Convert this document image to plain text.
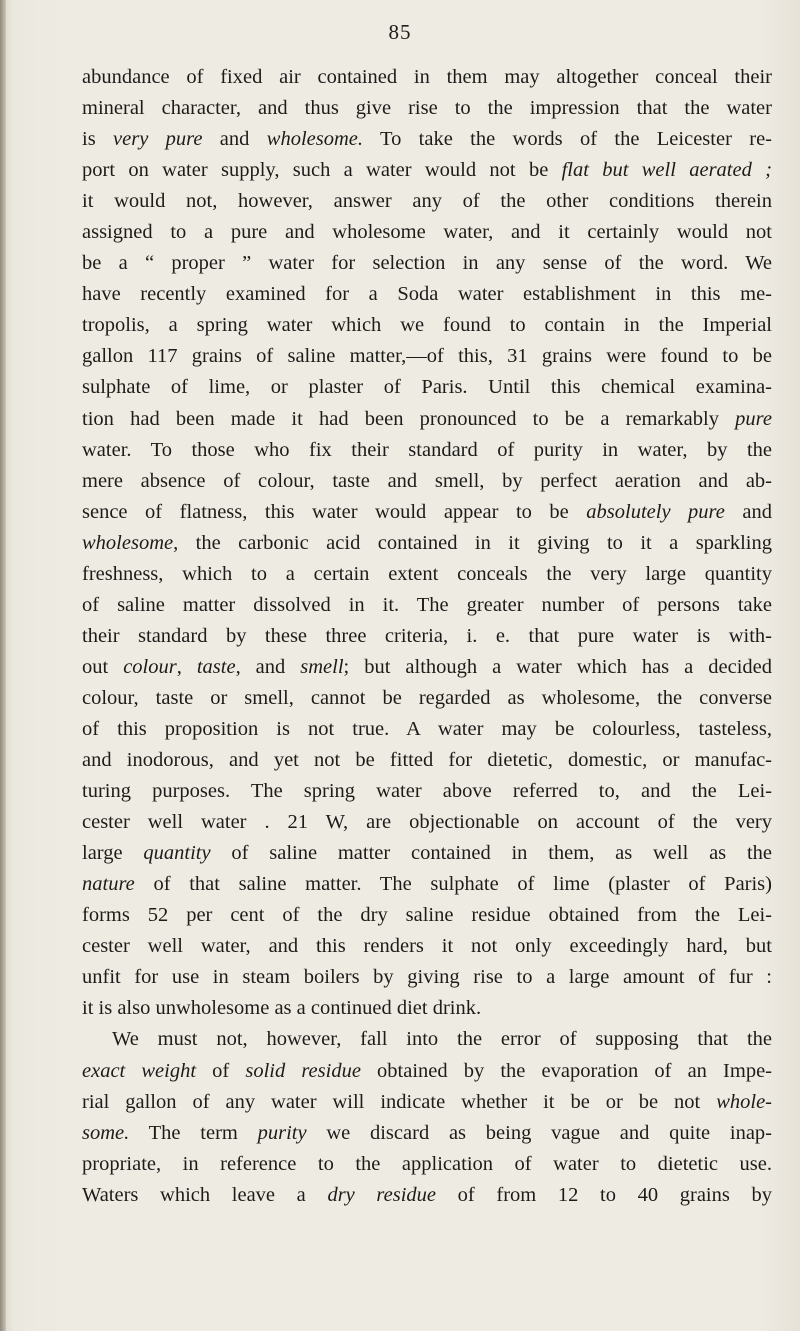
85
abundance of fixed air contained in them may altogether conceal their
mineral character, and thus give rise to the impression that the water
is very pure and wholesome. To take the words of the Leicester re-
port on water supply, such a water would not be flat but well aerated ;
it would not, however, answer any of the other conditions therein
assigned to a pure and wholesome water, and it certainly would not
be a “ proper ” water for selection in any sense of the word. We
have recently examined for a Soda water establishment in this me-
tropolis, a spring water which we found to contain in the Imperial
gallon 117 grains of saline matter,—of this, 31 grains were found to be
sulphate of lime, or plaster of Paris. Until this chemical examina-
tion had been made it had been pronounced to be a remarkably pure
water. To those who fix their standard of purity in water, by the
mere absence of colour, taste and smell, by perfect aeration and ab-
sence of flatness, this water would appear to be absolutely pure and
wholesome, the carbonic acid contained in it giving to it a sparkling
freshness, which to a certain extent conceals the very large quantity
of saline matter dissolved in it. The greater number of persons take
their standard by these three criteria, i. e. that pure water is with-
out colour, taste, and smell; but although a water which has a decided
colour, taste or smell, cannot be regarded as wholesome, the converse
of this proposition is not true. A water may be colourless, tasteless,
and inodorous, and yet not be fitted for dietetic, domestic, or manufac-
turing purposes. The spring water above referred to, and the Lei-
cester well water . 21 W, are objectionable on account of the very
large quantity of saline matter contained in them, as well as the
nature of that saline matter. The sulphate of lime (plaster of Paris)
forms 52 per cent of the dry saline residue obtained from the Lei-
cester well water, and this renders it not only exceedingly hard, but
unfit for use in steam boilers by giving rise to a large amount of fur :
it is also unwholesome as a continued diet drink.
We must not, however, fall into the error of supposing that the
exact weight of solid residue obtained by the evaporation of an Impe-
rial gallon of any water will indicate whether it be or be not whole-
some. The term purity we discard as being vague and quite inap-
propriate, in reference to the application of water to dietetic use.
Waters which leave a dry residue of from 12 to 40 grains by
